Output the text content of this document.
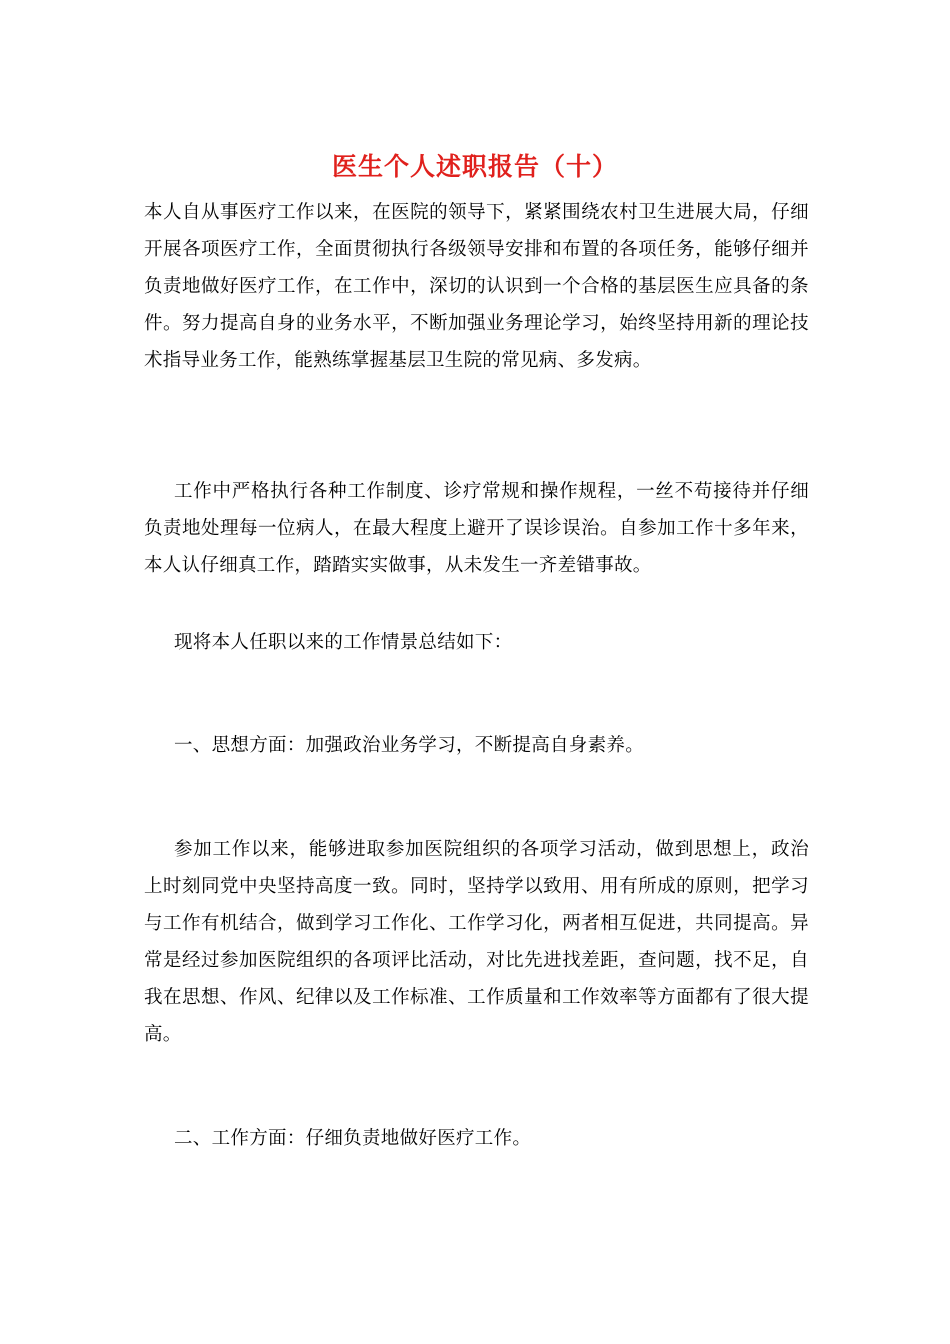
医生个人述职报告（十）

本人自从事医疗工作以来，在医院的领导下，紧紧围绕农村卫生进展大局，仔细开展各项医疗工作，全面贯彻执行各级领导安排和布置的各项任务，能够仔细并负责地做好医疗工作，在工作中，深切的认识到一个合格的基层医生应具备的条件。努力提高自身的业务水平，不断加强业务理论学习，始终坚持用新的理论技术指导业务工作，能熟练掌握基层卫生院的常见病、多发病。

工作中严格执行各种工作制度、诊疗常规和操作规程，一丝不苟接待并仔细负责地处理每一位病人，在最大程度上避开了误诊误治。自参加工作十多年来，本人认仔细真工作，踏踏实实做事，从未发生一齐差错事故。

现将本人任职以来的工作情景总结如下：

一、思想方面：加强政治业务学习，不断提高自身素养。

参加工作以来，能够进取参加医院组织的各项学习活动，做到思想上，政治上时刻同党中央坚持高度一致。同时，坚持学以致用、用有所成的原则，把学习与工作有机结合，做到学习工作化、工作学习化，两者相互促进，共同提高。异常是经过参加医院组织的各项评比活动，对比先进找差距，查问题，找不足，自我在思想、作风、纪律以及工作标准、工作质量和工作效率等方面都有了很大提高。

二、工作方面：仔细负责地做好医疗工作。
